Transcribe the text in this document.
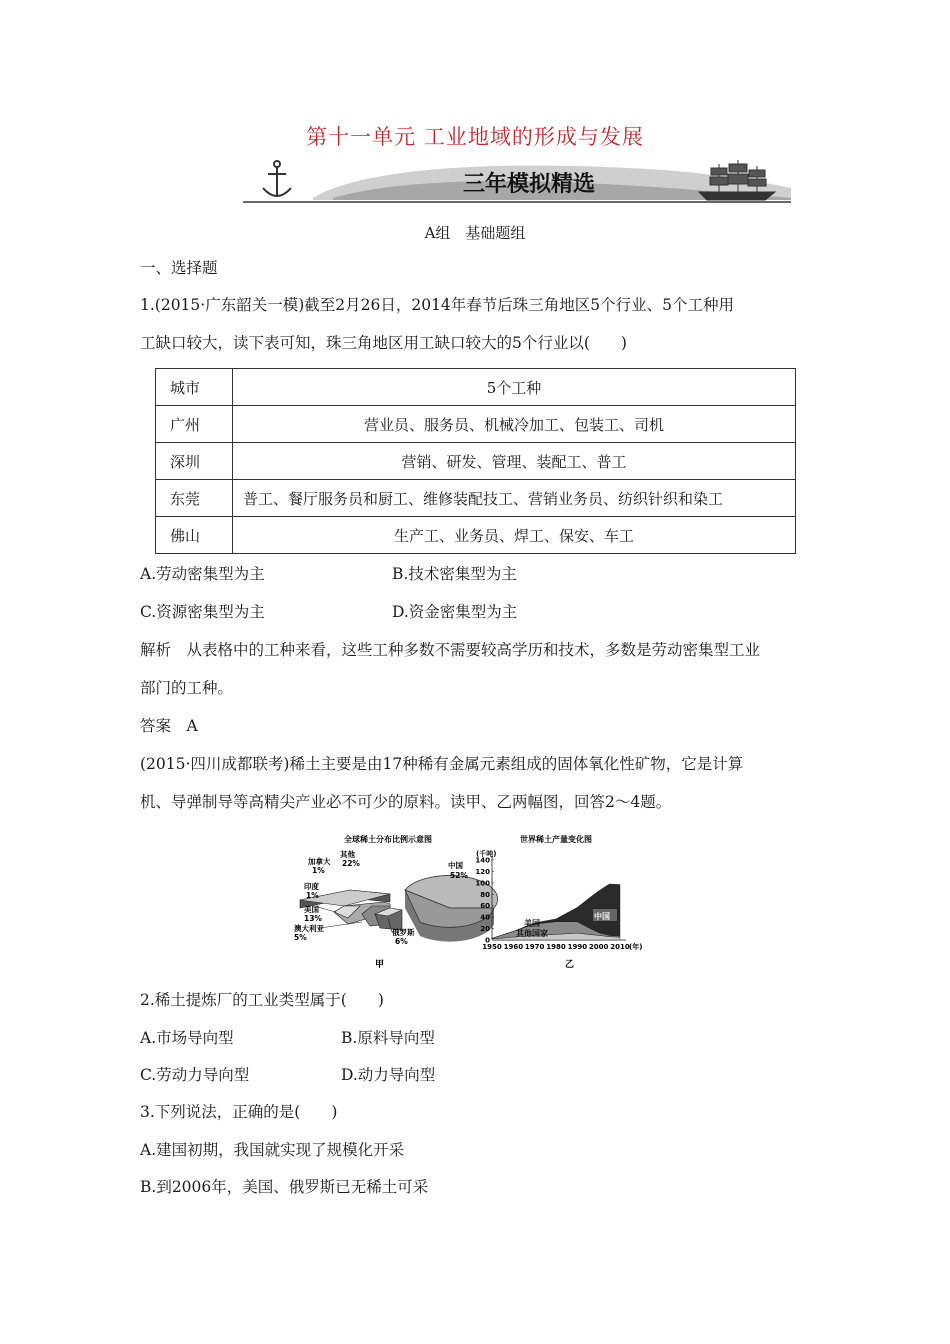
第十一单元 工业地域的形成与发展
三年模拟精选
A组　基础题组
一、选择题
1.(2015·广东韶关一模)截至2月26日，2014年春节后珠三角地区5个行业、5个工种用
工缺口较大，读下表可知，珠三角地区用工缺口较大的5个行业以(　　)
城市	5个工种
广州	营业员、服务员、机械冷加工、包装工、司机
深圳	营销、研发、管理、装配工、普工
东莞	普工、餐厅服务员和厨工、维修装配技工、营销业务员、纺织针织和染工
佛山	生产工、业务员、焊工、保安、车工
A.劳动密集型为主	B.技术密集型为主
C.资源密集型为主	D.资金密集型为主
解析　从表格中的工种来看，这些工种多数不需要较高学历和技术，多数是劳动密集型工业
部门的工种。
答案　A
(2015·四川成都联考)稀土主要是由17种稀有金属元素组成的固体氧化性矿物，它是计算
机、导弹制导等高精尖产业必不可少的原料。读甲、乙两幅图，回答2～4题。
全球稀土分布比例示意图
加拿大
1%
其他
22%
印度
1%
美国
13%
澳大利亚
5%
俄罗斯
6%
中国
52%
甲
世界稀土产量变化图
(千吨)
0
20
40
60
80
100
120
140
1950 1960 1970 1980 1990 2000 2010 (年)
美国
其他国家
中国
乙
2.稀土提炼厂的工业类型属于(　　)
A.市场导向型	B.原料导向型
C.劳动力导向型	D.动力导向型
3.下列说法，正确的是(　　)
A.建国初期，我国就实现了规模化开采
B.到2006年，美国、俄罗斯已无稀土可采
